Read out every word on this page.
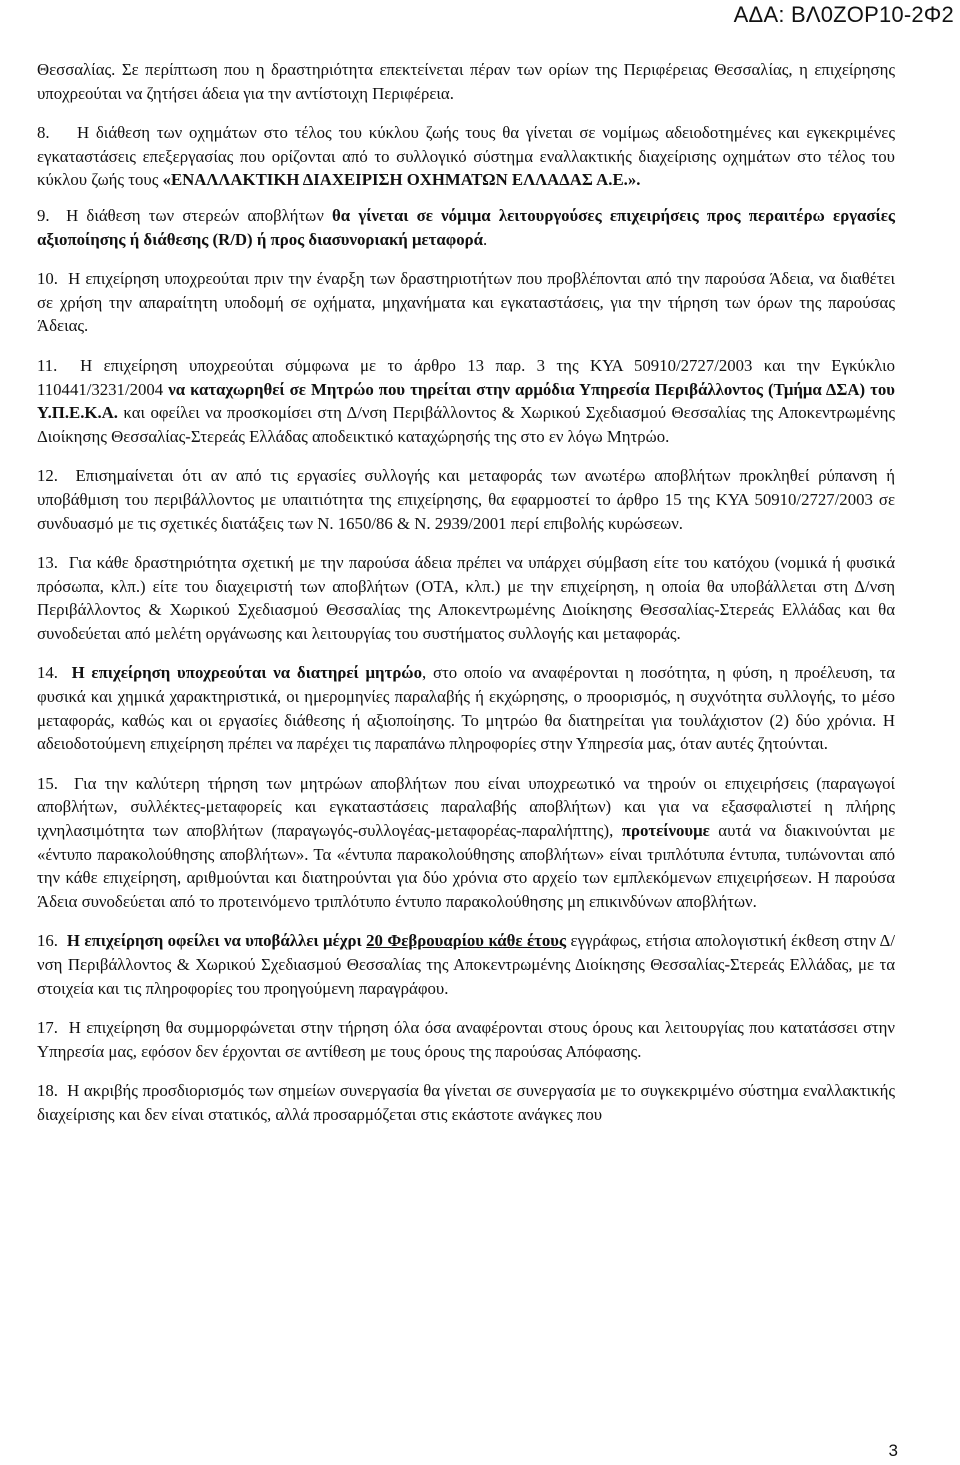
ΑΔΑ: ΒΛ0ΖΟΡ10-2Φ2

Θεσσαλίας. Σε περίπτωση που η δραστηριότητα επεκτείνεται πέραν των ορίων της Περιφέρειας Θεσσαλίας, η επιχείρησης υποχρεούται να ζητήσει άδεια για την αντίστοιχη Περιφέρεια.

8. Η διάθεση των οχημάτων στο τέλος του κύκλου ζωής τους θα γίνεται σε νομίμως αδειοδοτημένες και εγκεκριμένες εγκαταστάσεις επεξεργασίας που ορίζονται από το συλλογικό σύστημα εναλλακτικής διαχείρισης οχημάτων στο τέλος του κύκλου ζωής τους «ΕΝΑΛΛΑΚΤΙΚΗ ΔΙΑΧΕΙΡΙΣΗ ΟΧΗΜΑΤΩΝ ΕΛΛΑΔΑΣ Α.Ε.».

9. Η διάθεση των στερεών αποβλήτων θα γίνεται σε νόμιμα λειτουργούσες επιχειρήσεις προς περαιτέρω εργασίες αξιοποίησης ή διάθεσης (R/D) ή προς διασυνοριακή μεταφορά.

10. Η επιχείρηση υποχρεούται πριν την έναρξη των δραστηριοτήτων που προβλέπονται από την παρούσα Άδεια, να διαθέτει σε χρήση την απαραίτητη υποδομή σε οχήματα, μηχανήματα και εγκαταστάσεις, για την τήρηση των όρων της παρούσας Άδειας.

11. Η επιχείρηση υποχρεούται σύμφωνα με το άρθρο 13 παρ. 3 της ΚΥΑ 50910/2727/2003 και την Εγκύκλιο 110441/3231/2004 να καταχωρηθεί σε Μητρώο που τηρείται στην αρμόδια Υπηρεσία Περιβάλλοντος (Τμήμα ΔΣΑ) του Υ.Π.Ε.Κ.Α. και οφείλει να προσκομίσει στη Δ/νση Περιβάλλοντος & Χωρικού Σχεδιασμού Θεσσαλίας της Αποκεντρωμένης Διοίκησης Θεσσαλίας-Στερεάς Ελλάδας αποδεικτικό καταχώρησής της στο εν λόγω Μητρώο.

12. Επισημαίνεται ότι αν από τις εργασίες συλλογής και μεταφοράς των ανωτέρω αποβλήτων προκληθεί ρύπανση ή υποβάθμιση του περιβάλλοντος με υπαιτιότητα της επιχείρησης, θα εφαρμοστεί το άρθρο 15 της ΚΥΑ 50910/2727/2003 σε συνδυασμό με τις σχετικές διατάξεις των Ν. 1650/86 & Ν. 2939/2001 περί επιβολής κυρώσεων.

13. Για κάθε δραστηριότητα σχετική με την παρούσα άδεια πρέπει να υπάρχει σύμβαση είτε του κατόχου (νομικά ή φυσικά πρόσωπα, κλπ.) είτε του διαχειριστή των αποβλήτων (ΟΤΑ, κλπ.) με την επιχείρηση, η οποία θα υποβάλλεται στη Δ/νση Περιβάλλοντος & Χωρικού Σχεδιασμού Θεσσαλίας της Αποκεντρωμένης Διοίκησης Θεσσαλίας-Στερεάς Ελλάδας και θα συνοδεύεται από μελέτη οργάνωσης και λειτουργίας του συστήματος συλλογής και μεταφοράς.

14. Η επιχείρηση υποχρεούται να διατηρεί μητρώο, στο οποίο να αναφέρονται η ποσότητα, η φύση, η προέλευση, τα φυσικά και χημικά χαρακτηριστικά, οι ημερομηνίες παραλαβής ή εκχώρησης, ο προορισμός, η συχνότητα συλλογής, το μέσο μεταφοράς, καθώς και οι εργασίες διάθεσης ή αξιοποίησης. Το μητρώο θα διατηρείται για τουλάχιστον (2) δύο χρόνια. Η αδειοδοτούμενη επιχείρηση πρέπει να παρέχει τις παραπάνω πληροφορίες στην Υπηρεσία μας, όταν αυτές ζητούνται.

15. Για την καλύτερη τήρηση των μητρώων αποβλήτων που είναι υποχρεωτικό να τηρούν οι επιχειρήσεις (παραγωγοί αποβλήτων, συλλέκτες-μεταφορείς και εγκαταστάσεις παραλαβής αποβλήτων) και για να εξασφαλιστεί η πλήρης ιχνηλασιμότητα των αποβλήτων (παραγωγός-συλλογέας-μεταφορέας-παραλήπτης), προτείνουμε αυτά να διακινούνται με «έντυπο παρακολούθησης αποβλήτων». Τα «έντυπα παρακολούθησης αποβλήτων» είναι τριπλότυπα έντυπα, τυπώνονται από την κάθε επιχείρηση, αριθμούνται και διατηρούνται για δύο χρόνια στο αρχείο των εμπλεκόμενων επιχειρήσεων. Η παρούσα Άδεια συνοδεύεται από το προτεινόμενο τριπλότυπο έντυπο παρακολούθησης μη επικινδύνων αποβλήτων.

16. Η επιχείρηση οφείλει να υποβάλλει μέχρι 20 Φεβρουαρίου κάθε έτους εγγράφως, ετήσια απολογιστική έκθεση στην Δ/νση Περιβάλλοντος & Χωρικού Σχεδιασμού Θεσσαλίας της Αποκεντρωμένης Διοίκησης Θεσσαλίας-Στερεάς Ελλάδας, με τα στοιχεία και τις πληροφορίες του προηγούμενη παραγράφου.

17. Η επιχείρηση θα συμμορφώνεται στην τήρηση όλα όσα αναφέρονται στους όρους και λειτουργίας που κατατάσσει στην Υπηρεσία μας, εφόσον δεν έρχονται σε αντίθεση με τους όρους της παρούσας Απόφασης.

18. Η ακριβής προσδιορισμός των σημείων συνεργασία θα γίνεται σε συνεργασία με το συγκεκριμένο σύστημα εναλλακτικής διαχείρισης και δεν είναι στατικός, αλλά προσαρμόζεται στις εκάστοτε ανάγκες που

3
